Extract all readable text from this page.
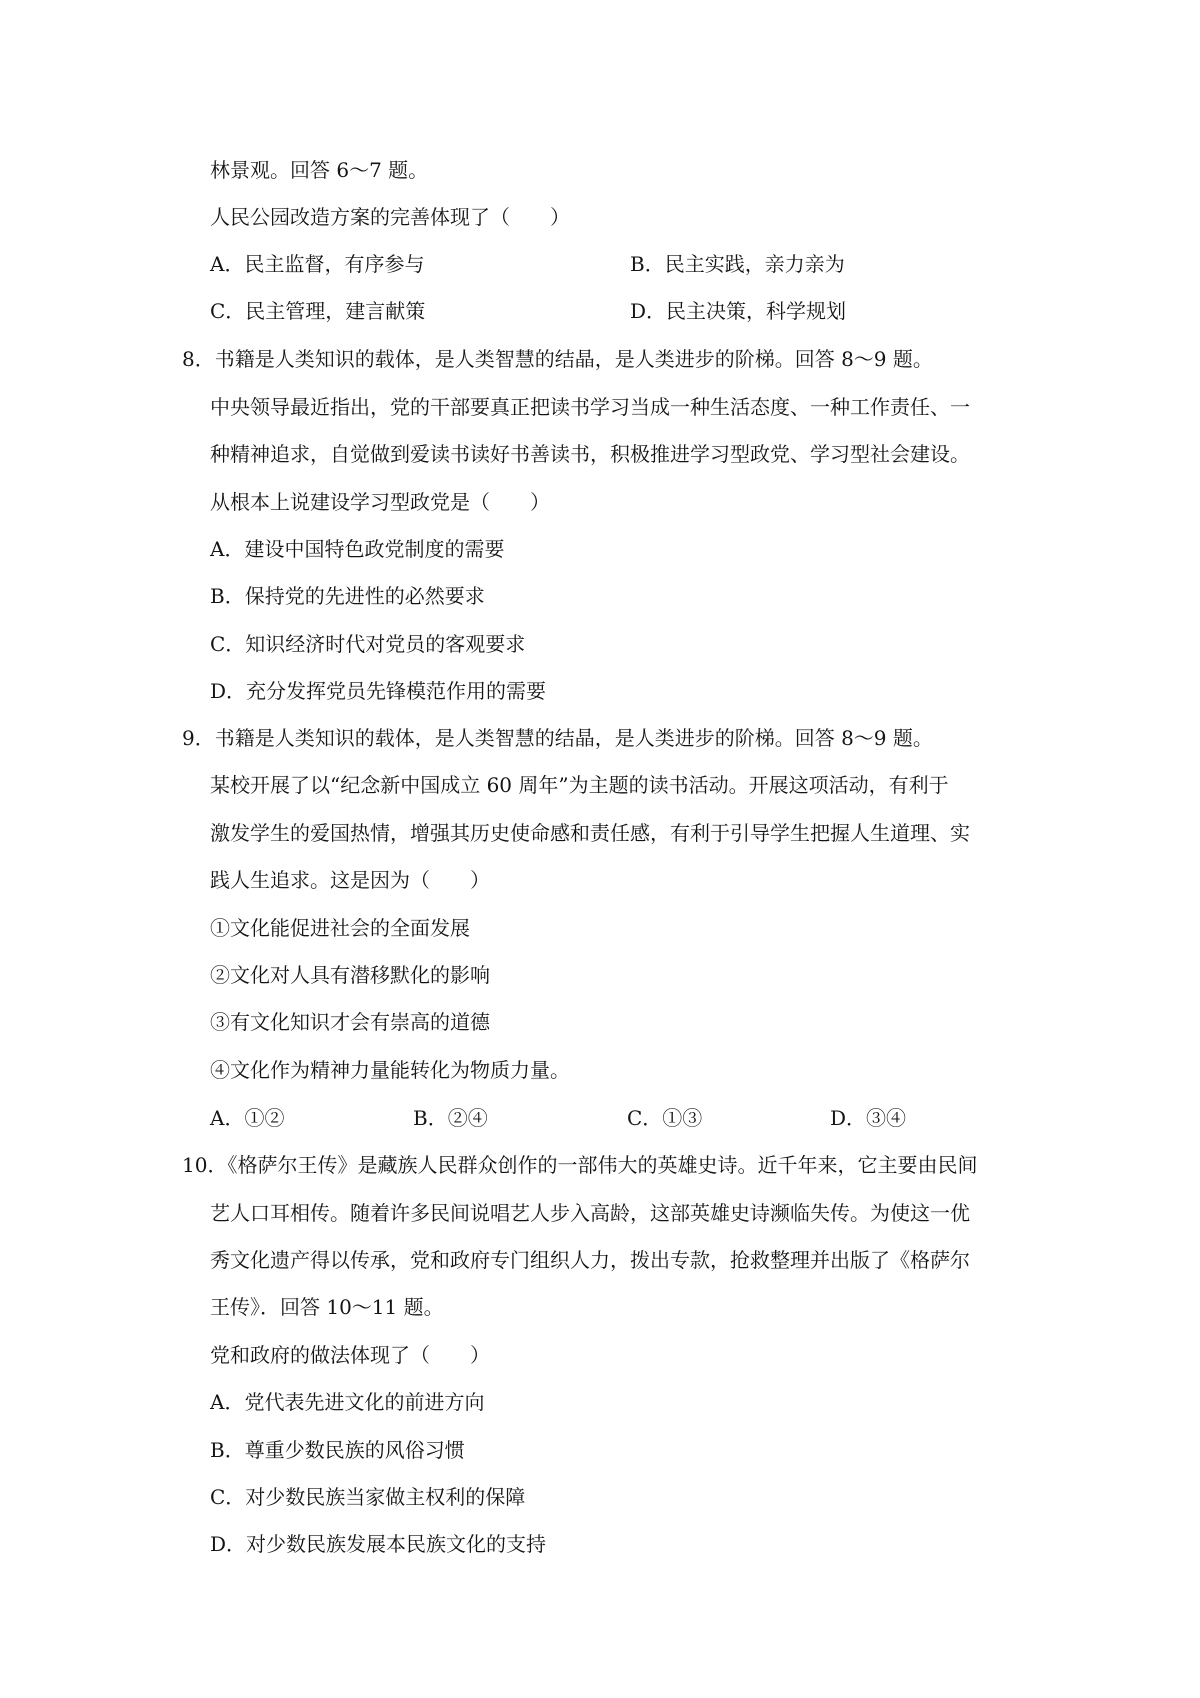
林景观。回答 6～7 题。
人民公园改造方案的完善体现了（　　）
A．民主监督，有序参与	B．民主实践，亲力亲为
C．民主管理，建言献策	D．民主决策，科学规划
8．书籍是人类知识的载体，是人类智慧的结晶，是人类进步的阶梯。回答 8～9 题。
中央领导最近指出，党的干部要真正把读书学习当成一种生活态度、一种工作责任、一
种精神追求，自觉做到爱读书读好书善读书，积极推进学习型政党、学习型社会建设。
从根本上说建设学习型政党是（　　）
A．建设中国特色政党制度的需要
B．保持党的先进性的必然要求
C．知识经济时代对党员的客观要求
D．充分发挥党员先锋模范作用的需要
9．书籍是人类知识的载体，是人类智慧的结晶，是人类进步的阶梯。回答 8～9 题。
某校开展了以“纪念新中国成立 60 周年”为主题的读书活动。开展这项活动，有利于
激发学生的爱国热情，增强其历史使命感和责任感，有利于引导学生把握人生道理、实
践人生追求。这是因为（　　）
①文化能促进社会的全面发展
②文化对人具有潜移默化的影响
③有文化知识才会有崇高的道德
④文化作为精神力量能转化为物质力量。
A．①②	B．②④	C．①③	D．③④
10．《格萨尔王传》是藏族人民群众创作的一部伟大的英雄史诗。近千年来，它主要由民间
艺人口耳相传。随着许多民间说唱艺人步入高龄，这部英雄史诗濒临失传。为使这一优
秀文化遗产得以传承，党和政府专门组织人力，拨出专款，抢救整理并出版了《格萨尔
王传》．回答 10～11 题。
党和政府的做法体现了（　　）
A．党代表先进文化的前进方向
B．尊重少数民族的风俗习惯
C．对少数民族当家做主权利的保障
D．对少数民族发展本民族文化的支持
